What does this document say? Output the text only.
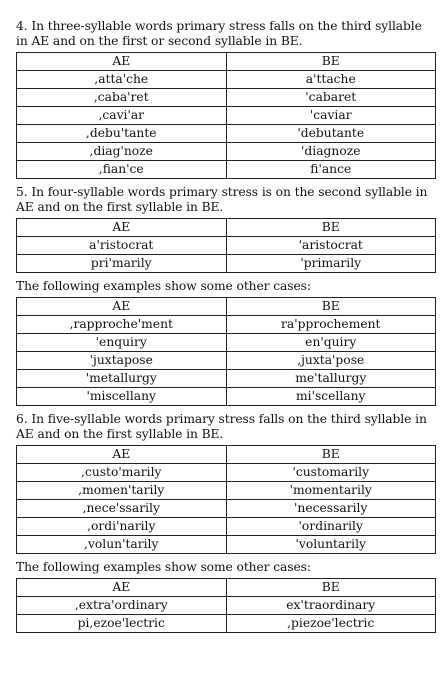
4. In three-syllable words primary stress falls on the third syllable in AE and on the first or second syllable in BE.

AE	BE
,atta'che	a'ttache
,caba'ret	'cabaret
,cavi'ar	'caviar
,debu'tante	'debutante
,diag'noze	'diagnoze
,fian'ce	fi'ance

5. In four-syllable words primary stress is on the second syllable in AE and on the first syllable in BE.

AE	BE
a'ristocrat	'aristocrat
pri'marily	'primarily

The following examples show some other cases:

AE	BE
,rapproche'ment	ra'pprochement
'enquiry	en'quiry
'juxtapose	,juxta'pose
'metallurgy	me'tallurgy
'miscellany	mi'scellany

6. In five-syllable words primary stress falls on the third syllable in AE and on the first syllable in BE.

AE	BE
,custo'marily	'customarily
,momen'tarily	'momentarily
,nece'ssarily	'necessarily
,ordi'narily	'ordinarily
,volun'tarily	'voluntarily

The following examples show some other cases:

AE	BE
,extra'ordinary	ex'traordinary
pi,ezoe'lectric	,piezoe'lectric
